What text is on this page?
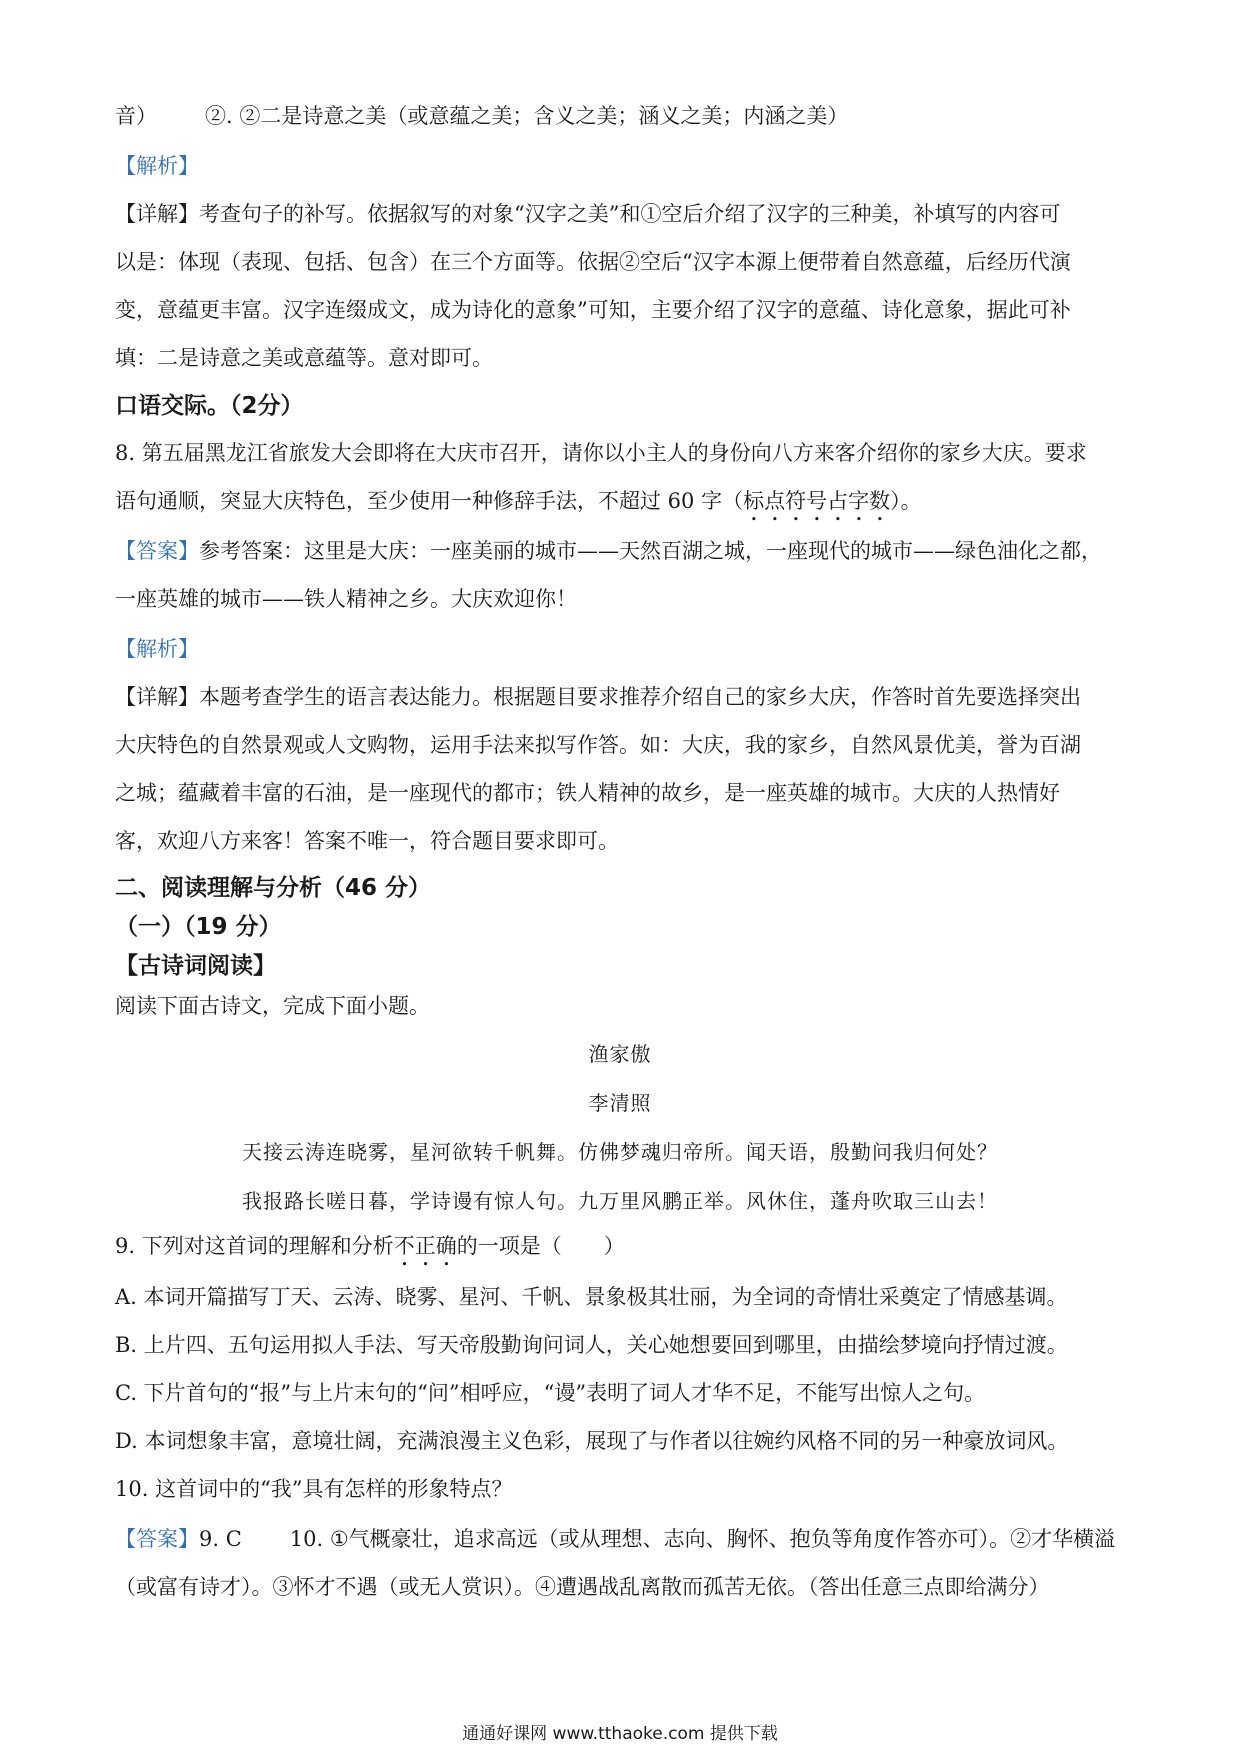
音） ②. ②二是诗意之美（或意蕴之美；含义之美；涵义之美；内涵之美）
【解析】
【详解】考查句子的补写。依据叙写的对象“汉字之美”和①空后介绍了汉字的三种美，补填写的内容可
以是：体现（表现、包括、包含）在三个方面等。依据②空后“汉字本源上便带着自然意蕴，后经历代演
变，意蕴更丰富。汉字连缀成文，成为诗化的意象”可知，主要介绍了汉字的意蕴、诗化意象，据此可补
填：二是诗意之美或意蕴等。意对即可。
口语交际。（2分）
8. 第五届黑龙江省旅发大会即将在大庆市召开，请你以小主人的身份向八方来客介绍你的家乡大庆。要求
语句通顺，突显大庆特色，至少使用一种修辞手法，不超过 60 字（标点符号占字数）。
【答案】参考答案：这里是大庆：一座美丽的城市——天然百湖之城，一座现代的城市——绿色油化之都，
一座英雄的城市——铁人精神之乡。大庆欢迎你！
【解析】
【详解】本题考查学生的语言表达能力。根据题目要求推荐介绍自己的家乡大庆，作答时首先要选择突出
大庆特色的自然景观或人文购物，运用手法来拟写作答。如：大庆，我的家乡，自然风景优美，誉为百湖
之城；蕴藏着丰富的石油，是一座现代的都市；铁人精神的故乡，是一座英雄的城市。大庆的人热情好
客，欢迎八方来客！答案不唯一，符合题目要求即可。
二、阅读理解与分析（46 分）
（一）（19 分）
【古诗词阅读】
阅读下面古诗文，完成下面小题。
渔家傲
李清照
天接云涛连晓雾，星河欲转千帆舞。仿佛梦魂归帝所。闻天语，殷勤问我归何处？
我报路长嗟日暮，学诗谩有惊人句。九万里风鹏正举。风休住，蓬舟吹取三山去！
9. 下列对这首词的理解和分析不正确的一项是（　　）
A. 本词开篇描写丁天、云涛、晓雾、星河、千帆、景象极其壮丽，为全词的奇情壮采奠定了情感基调。
B. 上片四、五句运用拟人手法、写天帝殷勤询问词人，关心她想要回到哪里，由描绘梦境向抒情过渡。
C. 下片首句的“报”与上片末句的“问”相呼应，“谩”表明了词人才华不足，不能写出惊人之句。
D. 本词想象丰富，意境壮阔，充满浪漫主义色彩，展现了与作者以往婉约风格不同的另一种豪放词风。
10. 这首词中的“我”具有怎样的形象特点？
【答案】9. C 10. ①气概豪壮，追求高远（或从理想、志向、胸怀、抱负等角度作答亦可）。②才华横溢
（或富有诗才）。③怀才不遇（或无人赏识）。④遭遇战乱离散而孤苦无依。（答出任意三点即给满分）
通通好课网 www.tthaoke.com 提供下载
